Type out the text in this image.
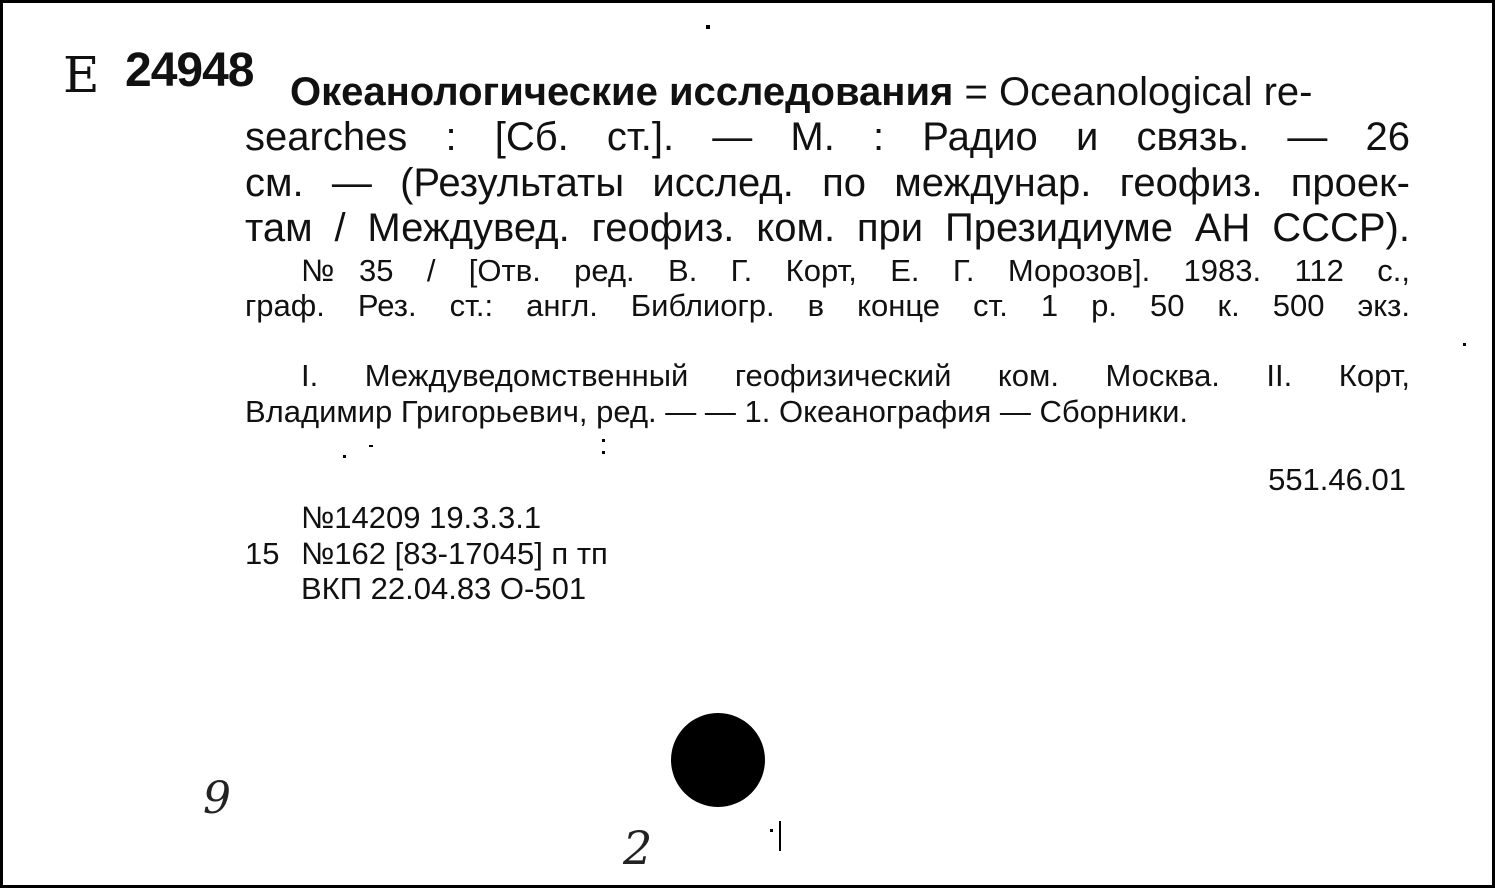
Е 24948 Океанологические исследования = Oceanological re-
searches : [Сб. ст.]. — М. : Радио и связь. — 26
см. — (Результаты исслед. по междунар. геофиз. проек-
там / Междувед. геофиз. ком. при Президиуме АН СССР).
№35 / [Отв. ред. В. Г. Корт, Е. Г. Морозов]. 1983. 112 с.,
граф. Рез. ст.: англ. Библиогр. в конце ст. 1 р. 50 к. 500 экз.
I. Междуведомственный геофизический ком. Москва. II. Корт,
Владимир Григорьевич, ред. — — 1. Океанография — Сборники.
551.46.01
№14209 19.3.3.1
15 №162 [83-17045] п тп
ВКП 22.04.83 О-501
9
2
